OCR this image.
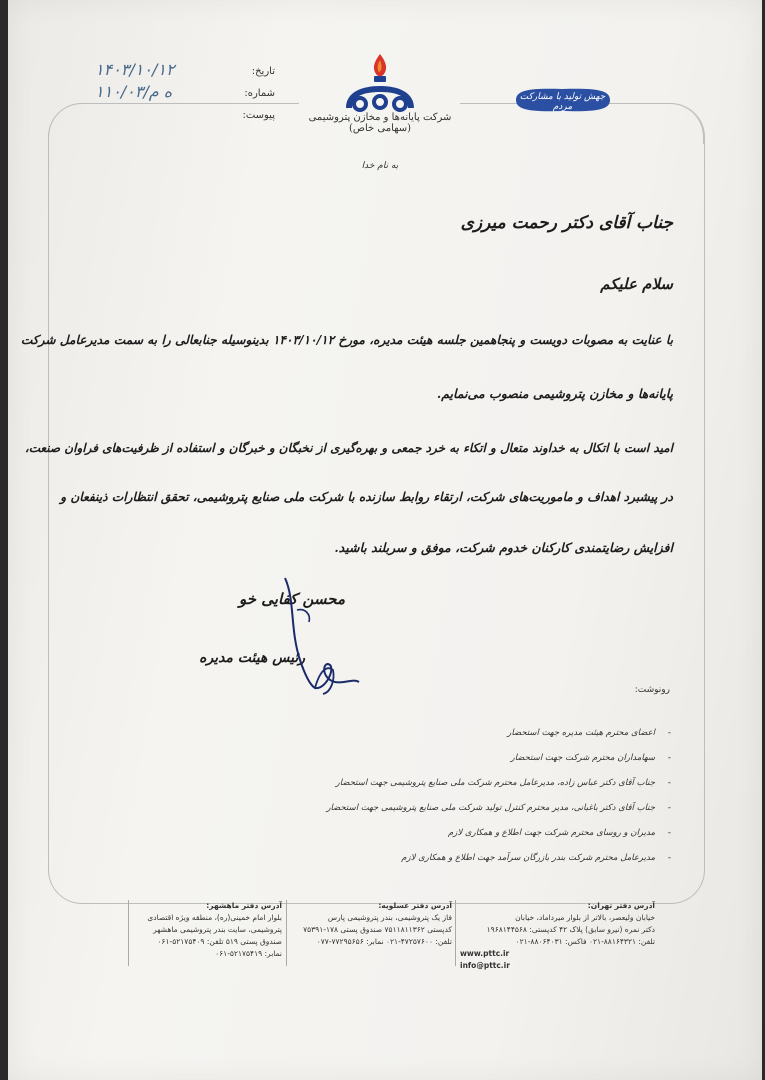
تاریخ:
۱۴۰۳/۱۰/۱۲
شماره:
۱۱۰/۰۳/ه م
پیوست:	شرکت پایانه‌ها و مخازن پتروشیمی (سهامی خاص)
جهش تولید با مشارکت مردم
به نام خدا
جناب آقای دکتر رحمت میرزی
سلام علیکم
با عنایت به مصوبات دویست و پنجاهمین جلسه هیئت مدیره، مورخ ۱۴۰۳/۱۰/۱۲ بدینوسیله جنابعالی را به سمت مدیرعامل شرکت
پایانه‌ها و مخازن پتروشیمی منصوب می‌نمایم.
امید است با اتکال به خداوند متعال و اتکاء به خرد جمعی و بهره‌گیری از نخبگان و خبرگان و استفاده از ظرفیت‌های فراوان صنعت،
در پیشبرد اهداف و ماموریت‌های شرکت، ارتقاء روابط سازنده با شرکت ملی صنایع پتروشیمی، تحقق انتظارات ذینفعان و
افزایش رضایتمندی کارکنان خدوم شرکت، موفق و سربلند باشید.
محسن کفایی خو
رئیس هیئت مدیره
رونوشت:
-
اعضای محترم هیئت مدیره جهت استحضار
-
سهامداران محترم شرکت جهت استحضار
-
جناب آقای دکتر عباس زاده، مدیرعامل محترم شرکت ملی صنایع پتروشیمی جهت استحضار
-
جناب آقای دکتر باغبانی، مدیر محترم کنترل تولید شرکت ملی صنایع پتروشیمی جهت استحضار
-
مدیران و روسای محترم شرکت جهت اطلاع و همکاری لازم
-
مدیرعامل محترم شرکت بندر بازرگان سرآمد جهت اطلاع و همکاری لازم
آدرس دفتر تهران:
خیابان ولیعصر، بالاتر از بلوار میرداماد، خیابان
دکتر نمره (نیرو سابق) پلاک ۴۲ کدپستی: ۱۹۶۸۱۴۴۵۶۸
تلفن: ۸۸۱۶۴۳۲۱-۰۲۱ فاکس: ۸۸۰۶۴۰۳۱-۰۲۱
www.pttc.ir
info@pttc.ir
آدرس دفتر عسلویه:
فاز یک پتروشیمی، بندر پتروشیمی پارس
کدپستی ۷۵۱۱۸۱۱۳۶۲ صندوق پستی ۱۷۸-۷۵۳۹۱
تلفن: ۴۷۲۵۷۶۰۰-۰۲۱ نمابر: ۷۷۲۹۵۶۵۶-۰۷۷
آدرس دفتر ماهشهر:
بلوار امام خمینی(ره)، منطقه ویژه اقتصادی
پتروشیمی، سایت بندر پتروشیمی ماهشهر
صندوق پستی ۵۱۹ تلفن: ۵۲۱۷۵۴۰۹-۰۶۱
نمابر: ۵۲۱۷۵۴۱۹-۰۶۱
